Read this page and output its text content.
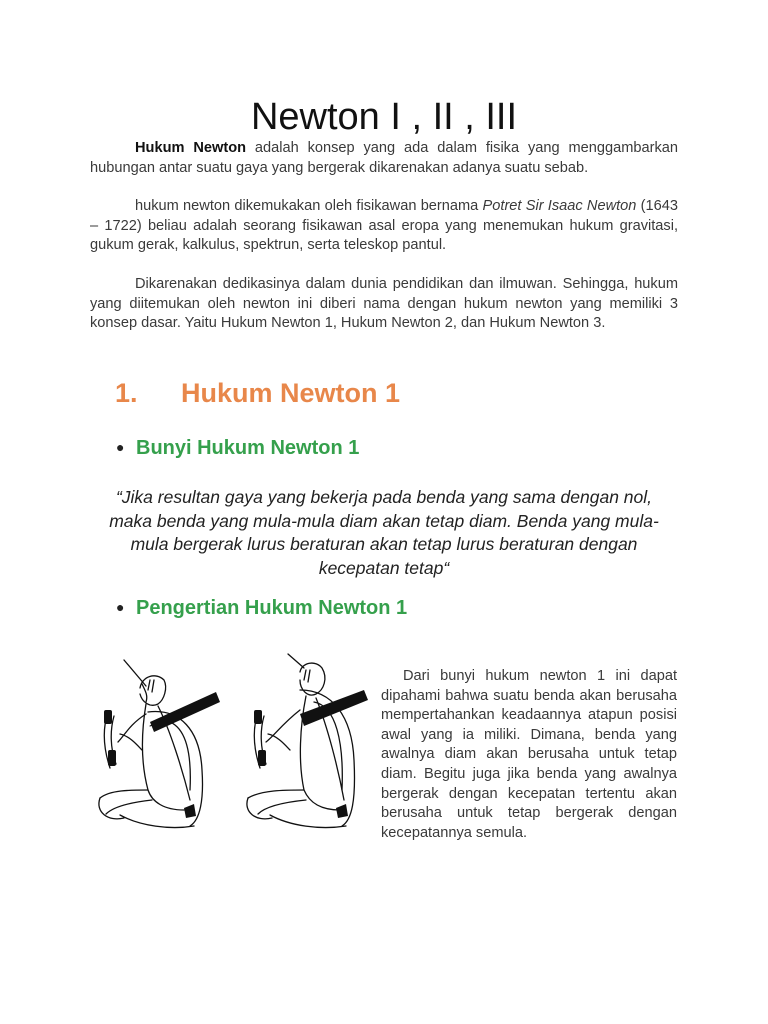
Newton I , II , III

Hukum Newton adalah konsep yang ada dalam fisika yang menggambarkan hubungan antar suatu gaya yang bergerak dikarenakan adanya suatu sebab.

hukum newton dikemukakan oleh fisikawan bernama Potret Sir Isaac Newton (1643 – 1722) beliau adalah seorang fisikawan asal eropa yang menemukan hukum gravitasi, gukum gerak, kalkulus, spektrun, serta teleskop pantul.

Dikarenakan dedikasinya dalam dunia pendidikan dan ilmuwan. Sehingga, hukum yang diitemukan oleh newton ini diberi nama dengan hukum newton yang memiliki 3 konsep dasar. Yaitu Hukum Newton 1, Hukum Newton 2, dan Hukum Newton 3.

1. Hukum Newton 1
● Bunyi Hukum Newton 1
“Jika resultan gaya yang bekerja pada benda yang sama dengan nol, maka benda yang mula-mula diam akan tetap diam. Benda yang mula-mula bergerak lurus beraturan akan tetap lurus beraturan dengan kecepatan tetap“
● Pengertian Hukum Newton 1

Dari bunyi hukum newton 1 ini dapat dipahami bahwa suatu benda akan berusaha mempertahankan keadaannya atapun posisi awal yang ia miliki. Dimana, benda yang awalnya diam akan berusaha untuk tetap diam. Begitu juga jika benda yang awalnya bergerak dengan kecepatan tertentu akan berusaha untuk tetap bergerak dengan kecepatannya semula.
